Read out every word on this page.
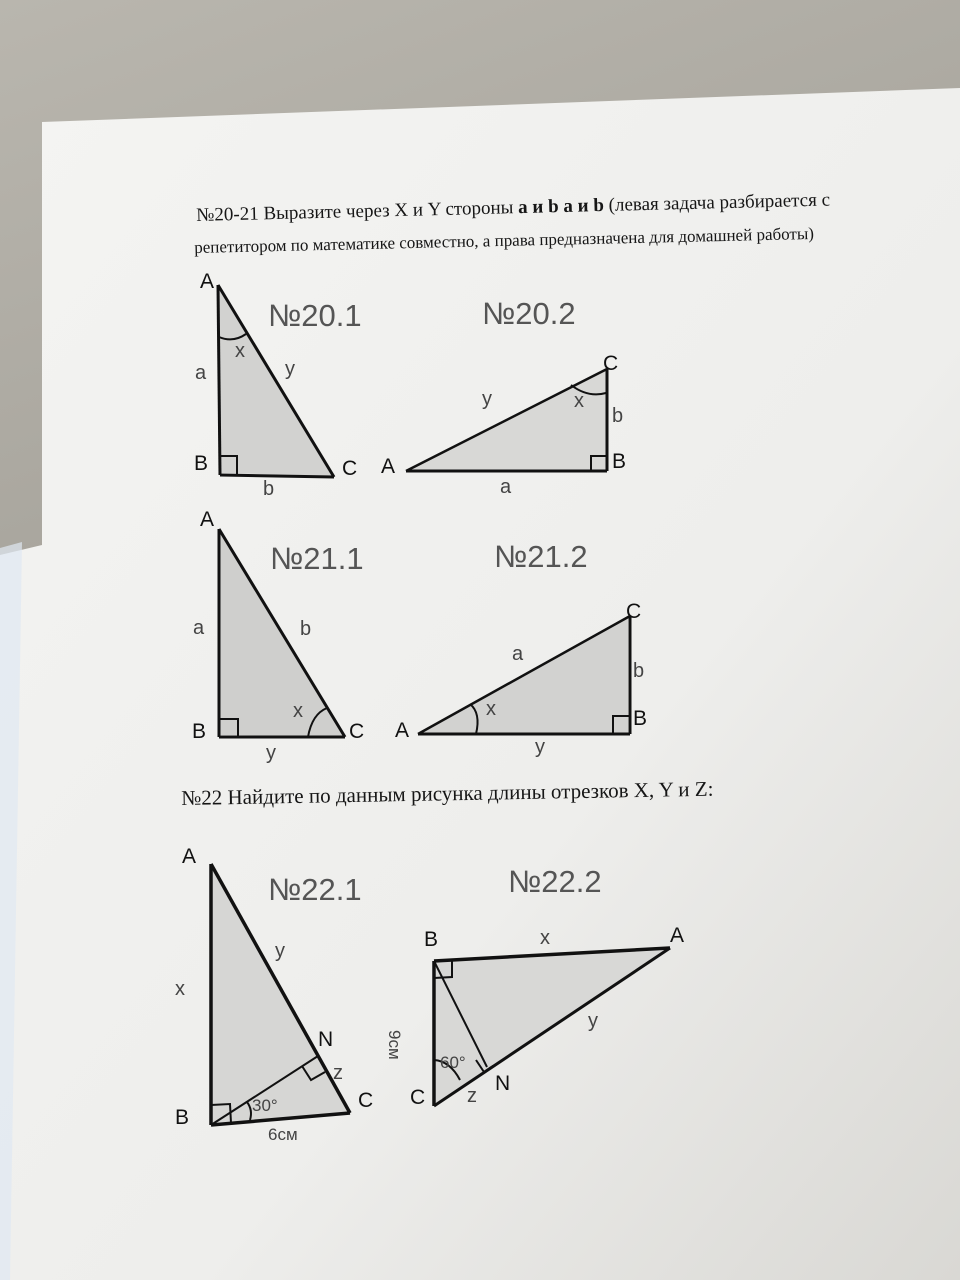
№20-21 Выразите через X и Y стороны а и b а и b (левая задача разбирается с
репетитором по математике совместно, а права предназначена для домашней работы)
№20.1
A
B	C
a
b
x
y
№20.2
A	B
C
a
b
x
y
№21.1
A
B	C
a	b
x
y
№21.2
A
B
C
a
b
x
y
№22 Найдите по данным рисунка длины отрезков X, Y и Z:
№22.1
A
B
C
N
x
y
z
30°
6см
№22.2
B	A
C
N
x
y
z
60°
9см
